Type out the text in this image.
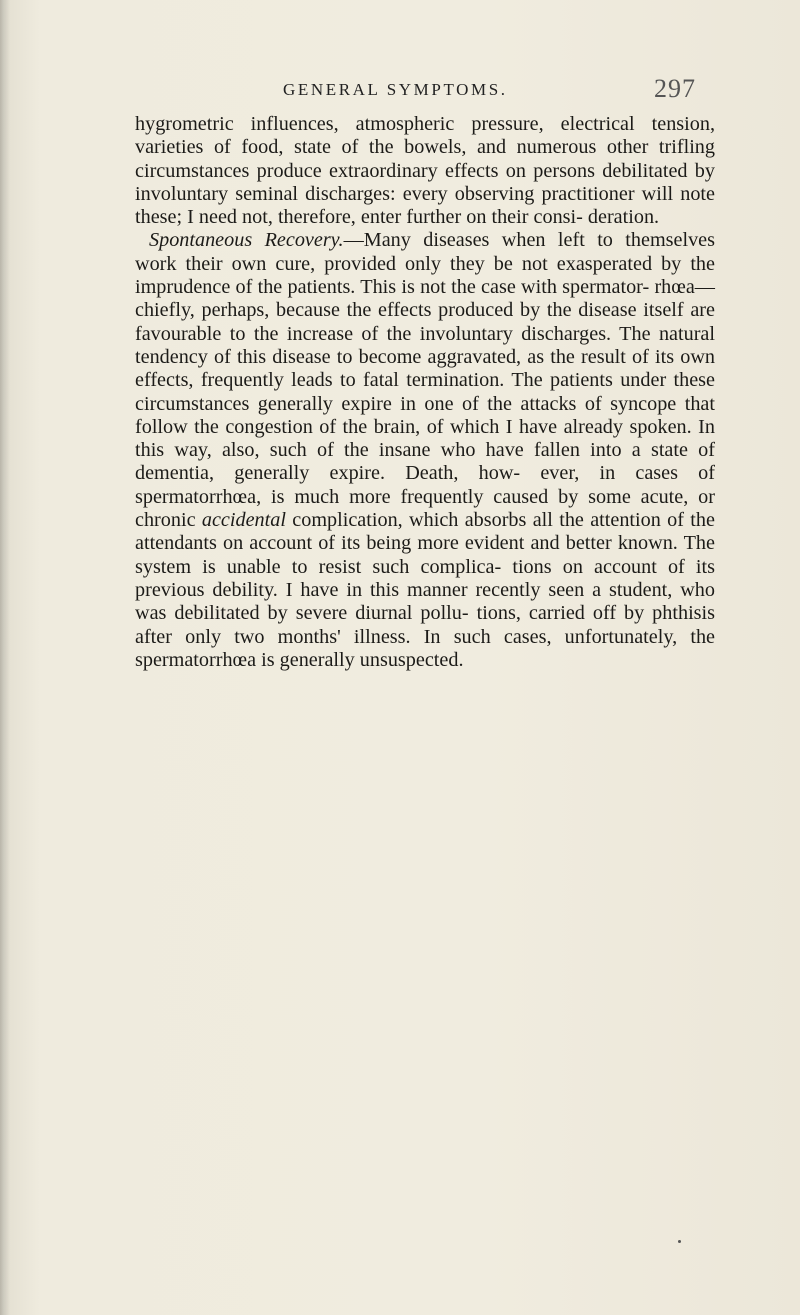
GENERAL SYMPTOMS.	297

hygrometric influences, atmospheric pressure, electrical tension, varieties of food, state of the bowels, and numerous other trifling circumstances produce extraordinary effects on persons debilitated by involuntary seminal discharges: every observing practitioner will note these; I need not, therefore, enter further on their consi- deration.

Spontaneous Recovery.—Many diseases when left to themselves work their own cure, provided only they be not exasperated by the imprudence of the patients. This is not the case with spermator- rhœa—chiefly, perhaps, because the effects produced by the disease itself are favourable to the increase of the involuntary discharges. The natural tendency of this disease to become aggravated, as the result of its own effects, frequently leads to fatal termination. The patients under these circumstances generally expire in one of the attacks of syncope that follow the congestion of the brain, of which I have already spoken. In this way, also, such of the insane who have fallen into a state of dementia, generally expire. Death, how- ever, in cases of spermatorrhœa, is much more frequently caused by some acute, or chronic accidental complication, which absorbs all the attention of the attendants on account of its being more evident and better known. The system is unable to resist such complica- tions on account of its previous debility. I have in this manner recently seen a student, who was debilitated by severe diurnal pollu- tions, carried off by phthisis after only two months' illness. In such cases, unfortunately, the spermatorrhœa is generally unsuspected.
